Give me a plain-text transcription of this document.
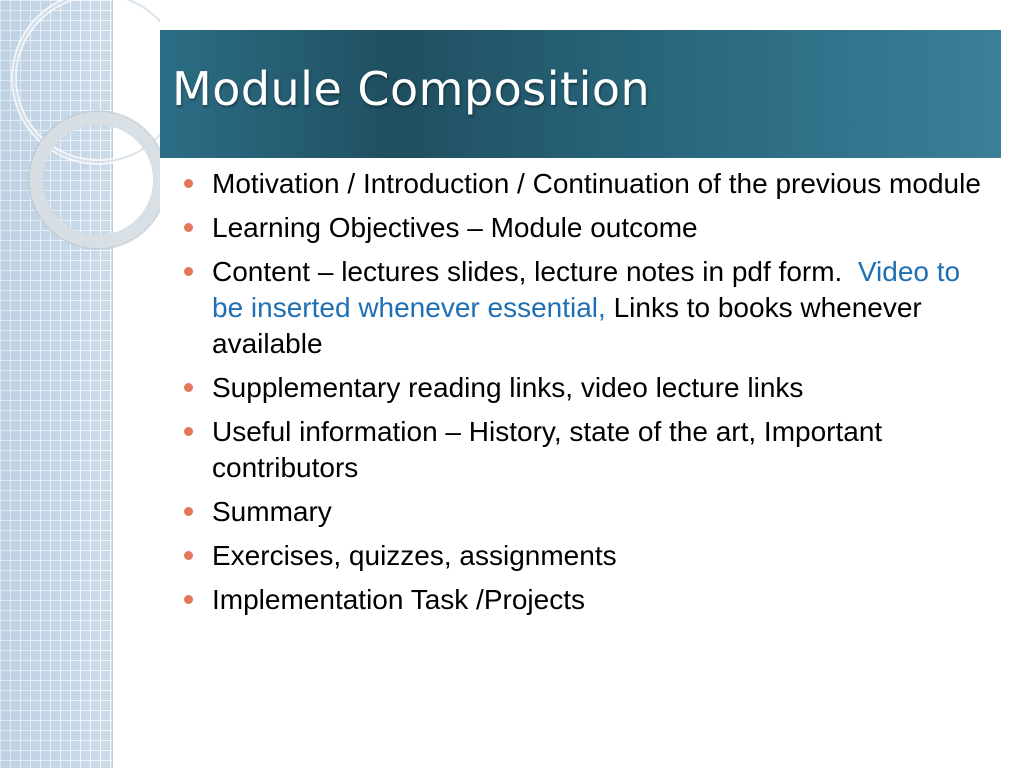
Module Composition
Motivation / Introduction / Continuation of the previous module
Learning Objectives – Module outcome
Content – lectures slides, lecture notes in pdf form.  Video to be inserted whenever essential, Links to books whenever available
Supplementary reading links, video lecture links
Useful information – History, state of the art, Important contributors
Summary
Exercises, quizzes, assignments
Implementation Task /Projects
